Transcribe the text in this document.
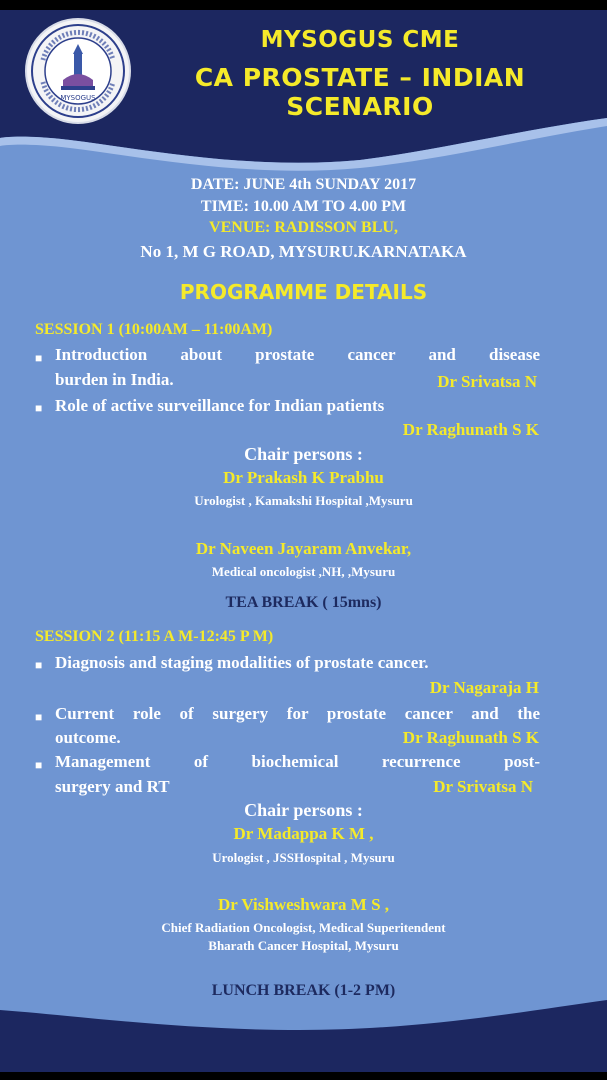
MYSOGUS
MYSOGUS CME
CA PROSTATE – INDIAN SCENARIO
DATE: JUNE 4th SUNDAY 2017
TIME: 10.00 AM TO 4.00 PM
VENUE: RADISSON BLU,
No 1, M G ROAD, MYSURU.KARNATAKA
PROGRAMME DETAILS
SESSION 1 (10:00AM – 11:00AM)
■ Introduction about prostate cancer and disease
burden in India.	Dr Srivatsa N
■ Role of active surveillance for Indian patients
Dr Raghunath S K
Chair persons :
Dr Prakash K Prabhu
Urologist , Kamakshi Hospital ,Mysuru
Dr Naveen Jayaram Anvekar,
Medical oncologist ,NH, ,Mysuru
TEA BREAK ( 15mns)
SESSION 2 (11:15 A M-12:45 P M)
■ Diagnosis and staging modalities of prostate cancer.
Dr Nagaraja H
■ Current role of surgery for prostate cancer and the
outcome.	Dr Raghunath S K
■ Management of biochemical recurrence post-
surgery and RT	Dr Srivatsa N
Chair persons :
Dr Madappa K M ,
Urologist , JSSHospital , Mysuru
Dr Vishweshwara M S ,
Chief Radiation Oncologist, Medical Superitendent
Bharath Cancer Hospital, Mysuru
LUNCH BREAK (1-2 PM)
